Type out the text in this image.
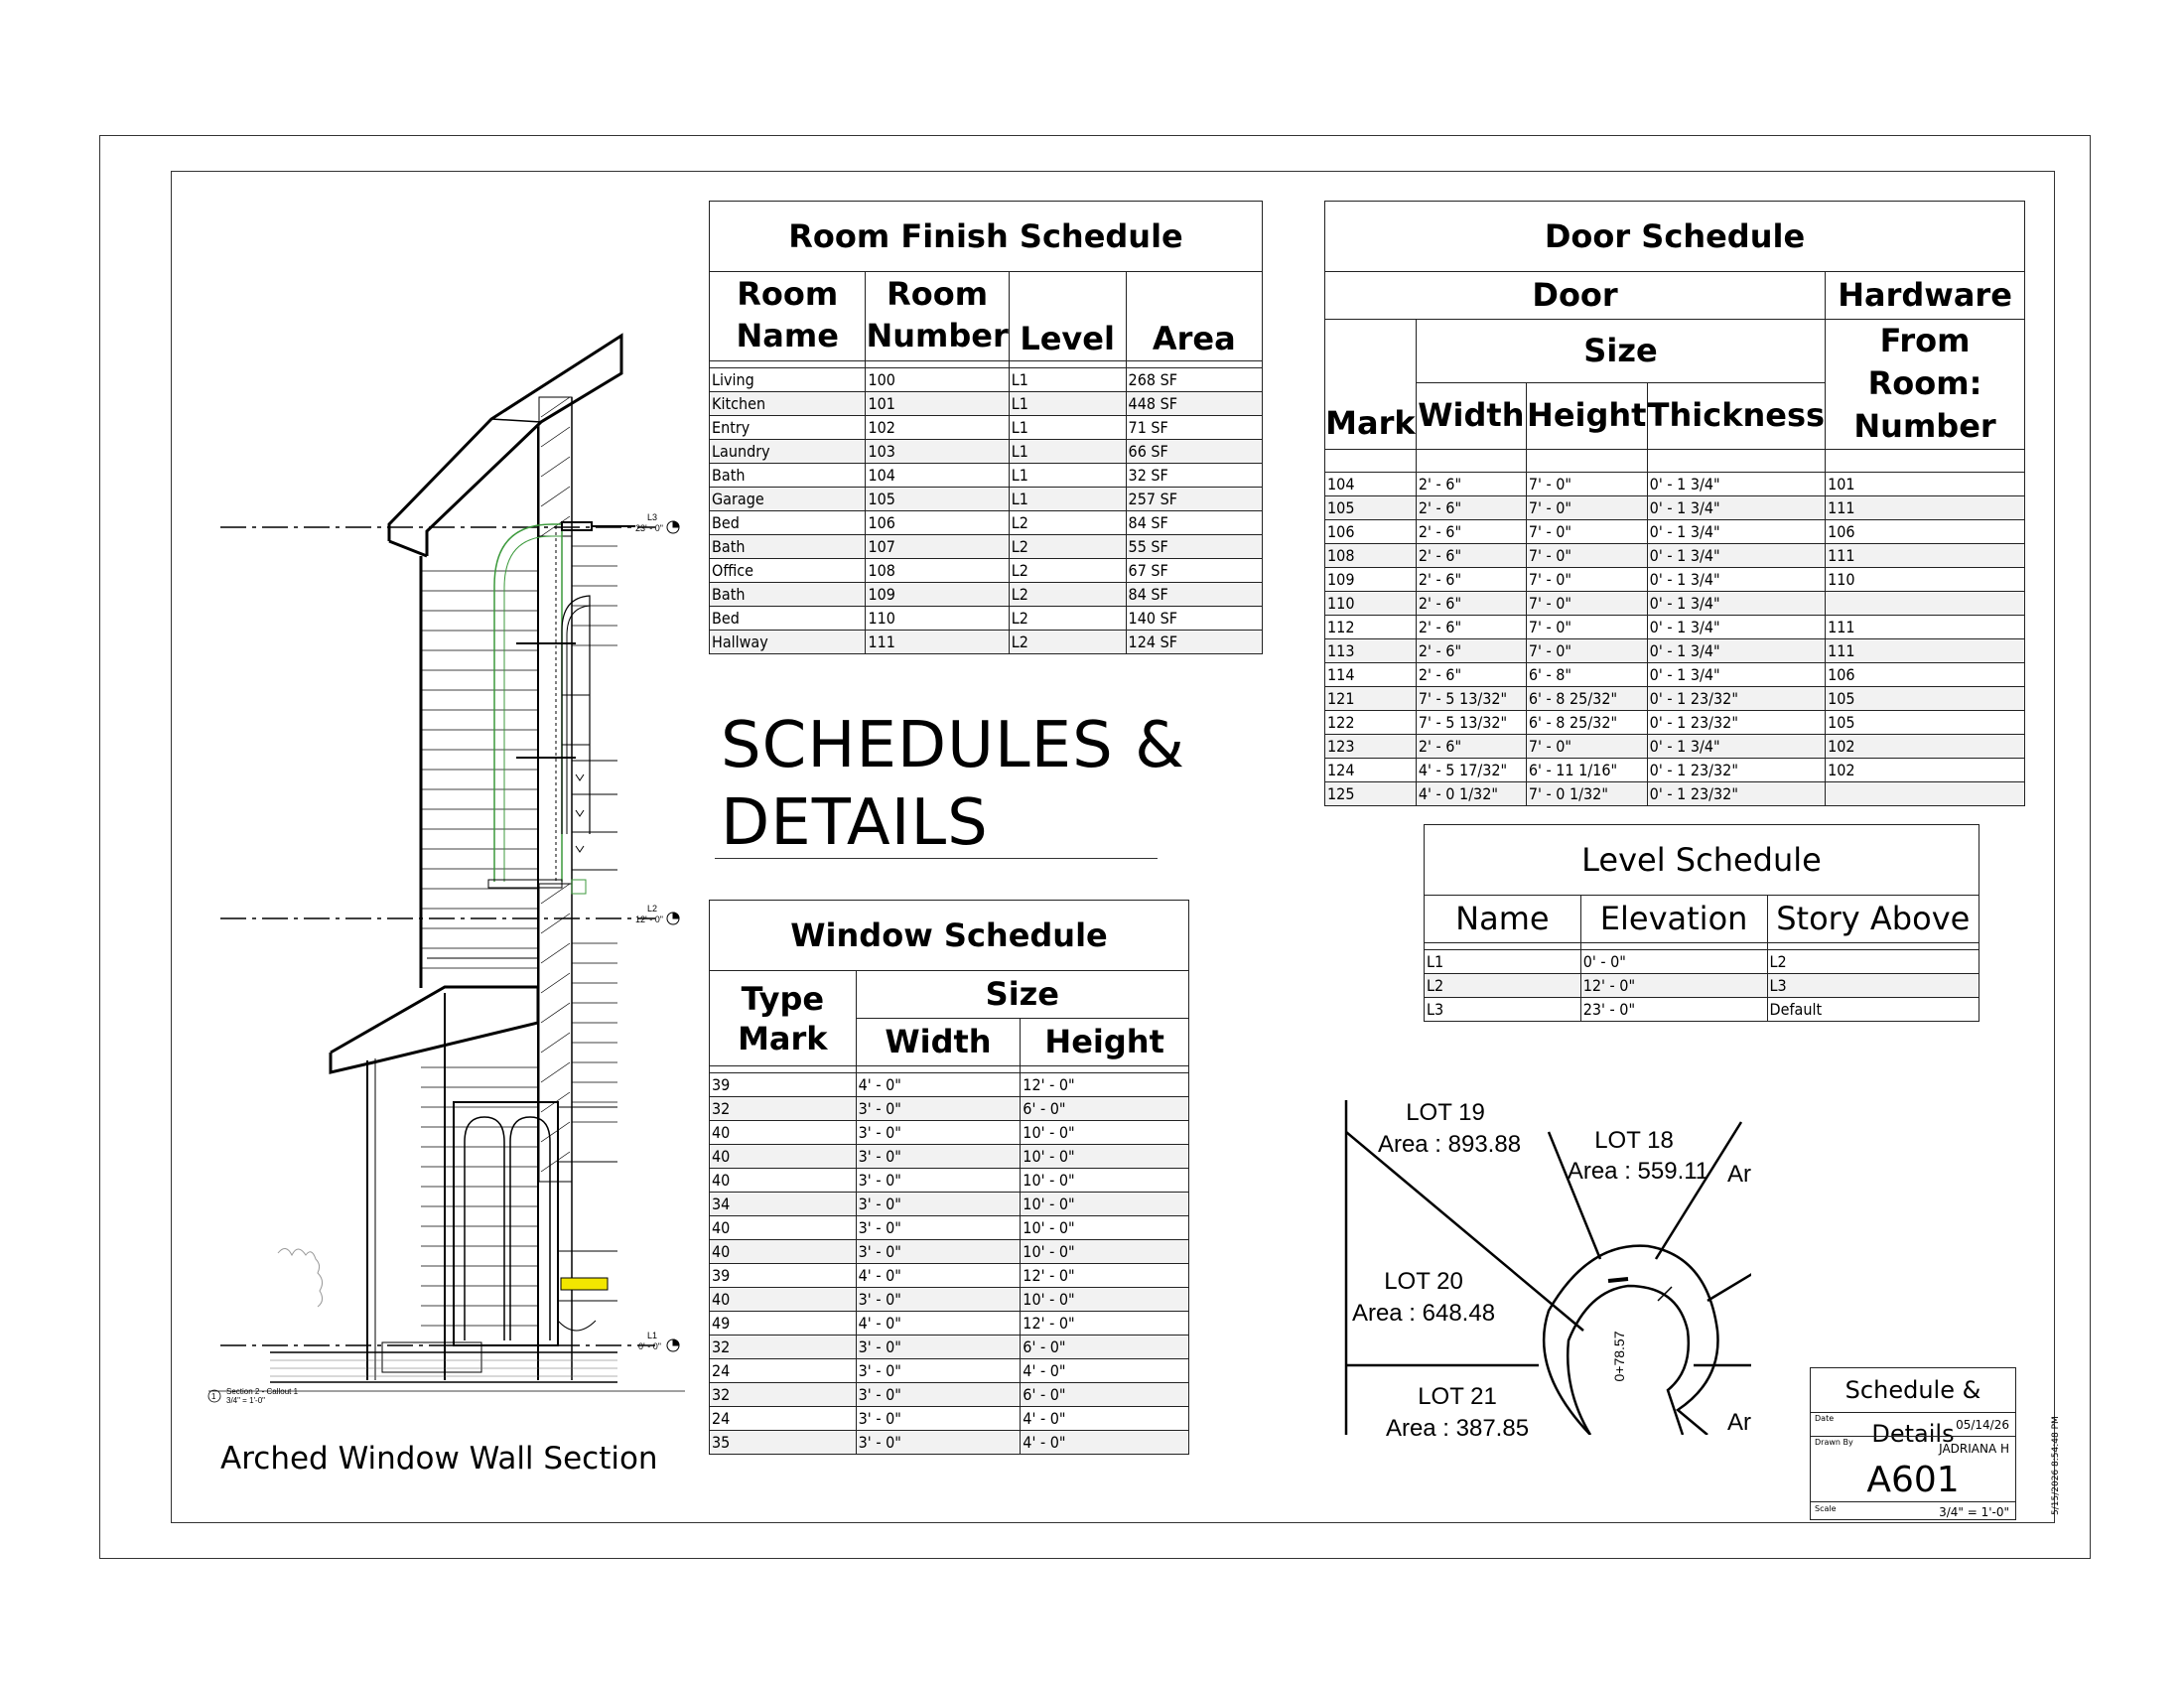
Room Finish Schedule			
Room Name	Room Number	Level	Area

Living	100	L1	268 SF
Kitchen	101	L1	448 SF
Entry	102	L1	71 SF
Laundry	103	L1	66 SF
Bath	104	L1	32 SF
Garage	105	L1	257 SF
Bed	106	L2	84 SF
Bath	107	L2	55 SF
Office	108	L2	67 SF
Bath	109	L2	84 SF
Bed	110	L2	140 SF
Hallway	111	L2	124 SF
Door Schedule				
Door				Hardware
Mark	Size			From Room: Number
	Width	Height	Thickness	

104	2' - 6"	7' - 0"	0' - 1 3/4"	101
105	2' - 6"	7' - 0"	0' - 1 3/4"	111
106	2' - 6"	7' - 0"	0' - 1 3/4"	106
108	2' - 6"	7' - 0"	0' - 1 3/4"	111
109	2' - 6"	7' - 0"	0' - 1 3/4"	110
110	2' - 6"	7' - 0"	0' - 1 3/4"	
112	2' - 6"	7' - 0"	0' - 1 3/4"	111
113	2' - 6"	7' - 0"	0' - 1 3/4"	111
114	2' - 6"	6' - 8"	0' - 1 3/4"	106
121	7' - 5 13/32"	6' - 8 25/32"	0' - 1 23/32"	105
122	7' - 5 13/32"	6' - 8 25/32"	0' - 1 23/32"	105
123	2' - 6"	7' - 0"	0' - 1 3/4"	102
124	4' - 5 17/32"	6' - 11 1/16"	0' - 1 23/32"	102
125	4' - 0 1/32"	7' - 0 1/32"	0' - 1 23/32"	
Window Schedule		
Type Mark	Size	
	Width	Height

39	4' - 0"	12' - 0"
32	3' - 0"	6' - 0"
40	3' - 0"	10' - 0"
40	3' - 0"	10' - 0"
40	3' - 0"	10' - 0"
34	3' - 0"	10' - 0"
40	3' - 0"	10' - 0"
40	3' - 0"	10' - 0"
39	4' - 0"	12' - 0"
40	3' - 0"	10' - 0"
49	4' - 0"	12' - 0"
32	3' - 0"	6' - 0"
24	3' - 0"	4' - 0"
32	3' - 0"	6' - 0"
24	3' - 0"	4' - 0"
35	3' - 0"	4' - 0"
Level Schedule		
Name	Elevation	Story Above

L1	0' - 0"	L2
L2	12' - 0"	L3
L3	23' - 0"	Default
SCHEDULES &
DETAILS
L3
23' - 0"
L2
12' - 0"
L1
0' - 0"
1
Section 2 - Callout 1
3/4" = 1'-0"
Arched Window Wall Section
LOT 19
Area : 893.88	LOT 18
Area : 559.11
LOT 20
Area : 648.48
LOT 21
Area : 387.85
Ar
Ar
0+78.57
Schedule & Details
Date	05/14/26
Drawn By	JADRIANA H
A601
Scale	3/4" = 1'-0"	5/15/2026 8:54:48 PM
